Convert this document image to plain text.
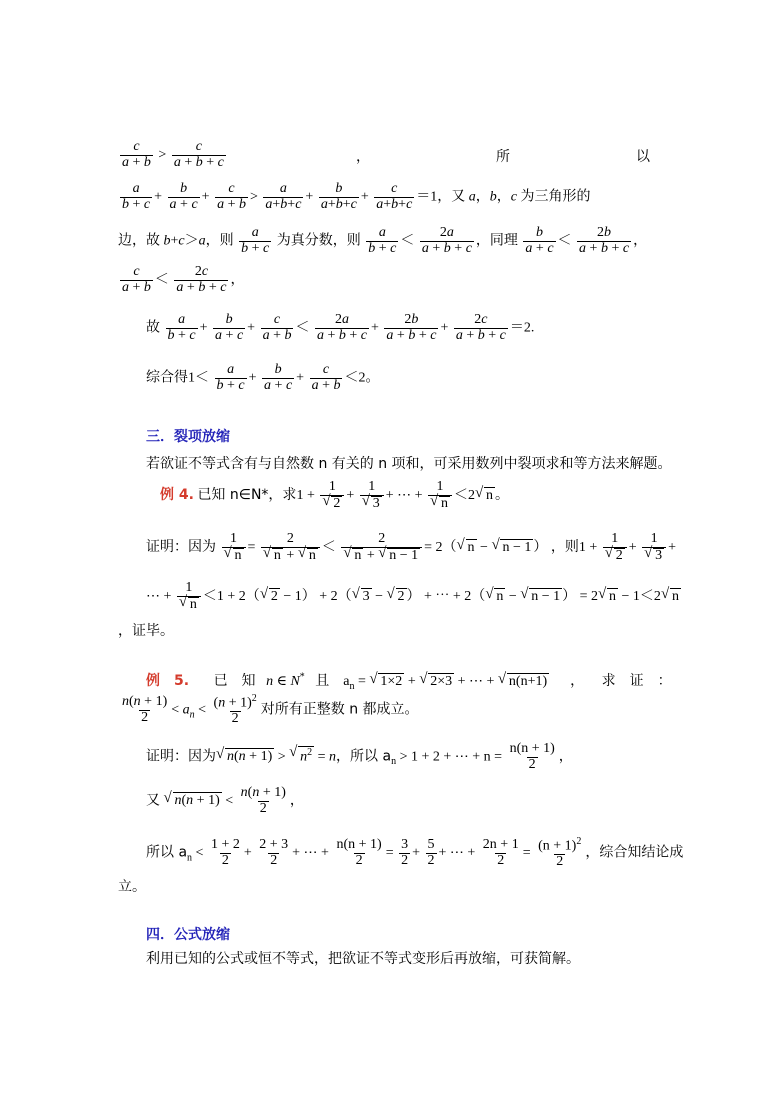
$\frac{c}{a + b} > \frac{c}{a + b + c}$	，	所	以
$\frac{a}{b + c} + \frac{b}{a + c} + \frac{c}{a + b} > \frac{a}{a+b+c} + \frac{b}{a+b+c} + \frac{c}{a+b+c} =1$，又 a，b，c 为三角形的
边，故 b+c＞a，则 $\frac{a}{b + c}$ 为真分数，则 $\frac{a}{b + c} < \frac{2a}{a + b + c}$ ，同理 $\frac{b}{a + c} < \frac{2b}{a + b + c}$ ，
$\frac{c}{a + b} < \frac{2c}{a + b + c}$ ，
故 $\frac{a}{b + c} + \frac{b}{a + c} + \frac{c}{a + b} < \frac{2a}{a + b + c} + \frac{2b}{a + b + c} + \frac{2c}{a + b + c} =2$.
综合得$1< \frac{a}{b + c} + \frac{b}{a + c} + \frac{c}{a + b} <2$。
三．裂项放缩
若欲证不等式含有与自然数 n 有关的 n 项和，可采用数列中裂项求和等方法来解题。
例 4. 已知 n∈N*，求1 + 1
√ 2 + 1
√ 3 + ⋯ + 1
√ n ＜2 √ n 。
证明：因为 1
√ n = 2
√ n + √ n ＜ 2
√ n + √ n − 1 = 2（ √ n − √ n − 1 ） ，则1 + 1
√ 2 + 1
√ 3 +
⋯ + 1
√ n ＜1 + 2（ √ 2 − 1） + 2（ √ 3 − √ 2 ） + ⋯ + 2（ √ n − √ n − 1 ） = 2 √ n − 1＜2 √ n
，证毕。
例　5. 已　知 n ∈ N* 且    $a_n$ = √ 1×2 + √ 2×3 + ⋯ + √ n(n+1)      ，     求　证　：
$\frac{n(n + 1)}{2} < a_n < \frac{(n + 1)^2}{2}$ 对所有正整数 n 都成立。
证明：因为 √ n(n + 1) > √ $n^2 = n$，所以 $a_n > 1 + 2$ + ⋯ + $n = \frac{n(n + 1)}{2}$ ，
又 √ $n(n + 1) < \frac{n(n + 1)}{2}$ ，
所以 $a_n < \frac{1 + 2}{2} + \frac{2 + 3}{2}$ + ⋯ + $\frac{n(n + 1)}{2} = \frac{3}{2} + \frac{5}{2}$ + ⋯ + $\frac{2n + 1}{2} = \frac{(n + 1)^2}{2}$ ，综合知结论成
立。
四．公式放缩
利用已知的公式或恒不等式，把欲证不等式变形后再放缩，可获简解。
